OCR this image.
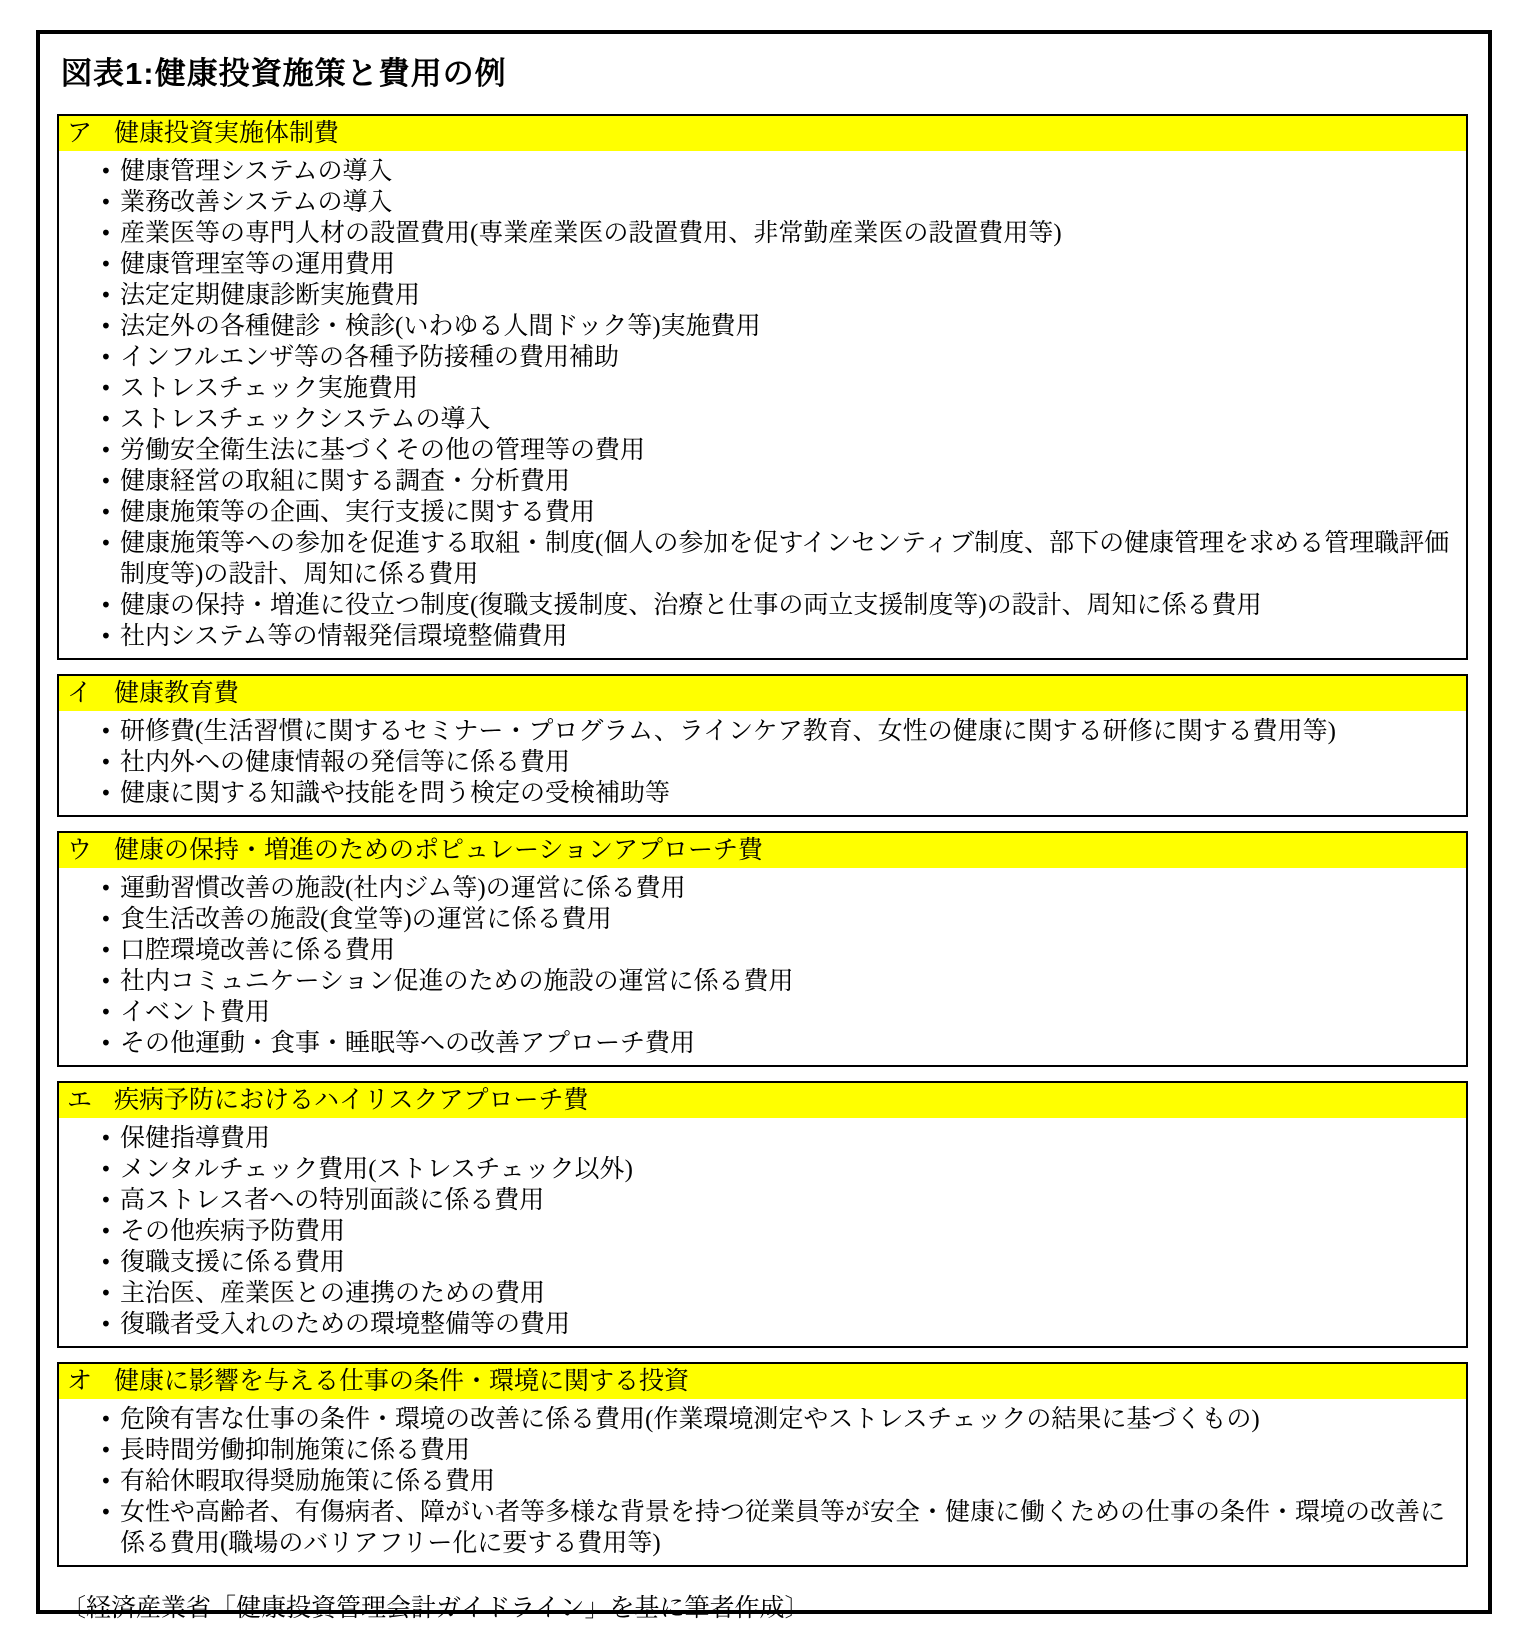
図表1:健康投資施策と費用の例
ア 健康投資実施体制費
• 健康管理システムの導入
• 業務改善システムの導入
• 産業医等の専門人材の設置費用(専業産業医の設置費用、非常勤産業医の設置費用等)
• 健康管理室等の運用費用
• 法定定期健康診断実施費用
• 法定外の各種健診・検診(いわゆる人間ドック等)実施費用
• インフルエンザ等の各種予防接種の費用補助
• ストレスチェック実施費用
• ストレスチェックシステムの導入
• 労働安全衛生法に基づくその他の管理等の費用
• 健康経営の取組に関する調査・分析費用
• 健康施策等の企画、実行支援に関する費用
• 健康施策等への参加を促進する取組・制度(個人の参加を促すインセンティブ制度、部下の健康管理を求める管理職評価制度等)の設計、周知に係る費用
• 健康の保持・増進に役立つ制度(復職支援制度、治療と仕事の両立支援制度等)の設計、周知に係る費用
• 社内システム等の情報発信環境整備費用
イ 健康教育費
• 研修費(生活習慣に関するセミナー・プログラム、ラインケア教育、女性の健康に関する研修に関する費用等)
• 社内外への健康情報の発信等に係る費用
• 健康に関する知識や技能を問う検定の受検補助等
ウ 健康の保持・増進のためのポピュレーションアプローチ費
• 運動習慣改善の施設(社内ジム等)の運営に係る費用
• 食生活改善の施設(食堂等)の運営に係る費用
• 口腔環境改善に係る費用
• 社内コミュニケーション促進のための施設の運営に係る費用
• イベント費用
• その他運動・食事・睡眠等への改善アプローチ費用
エ 疾病予防におけるハイリスクアプローチ費
• 保健指導費用
• メンタルチェック費用(ストレスチェック以外)
• 高ストレス者への特別面談に係る費用
• その他疾病予防費用
• 復職支援に係る費用
• 主治医、産業医との連携のための費用
• 復職者受入れのための環境整備等の費用
オ 健康に影響を与える仕事の条件・環境に関する投資
• 危険有害な仕事の条件・環境の改善に係る費用(作業環境測定やストレスチェックの結果に基づくもの)
• 長時間労働抑制施策に係る費用
• 有給休暇取得奨励施策に係る費用
• 女性や高齢者、有傷病者、障がい者等多様な背景を持つ従業員等が安全・健康に働くための仕事の条件・環境の改善に係る費用(職場のバリアフリー化に要する費用等)
〔経済産業省「健康投資管理会計ガイドライン」を基に筆者作成〕
